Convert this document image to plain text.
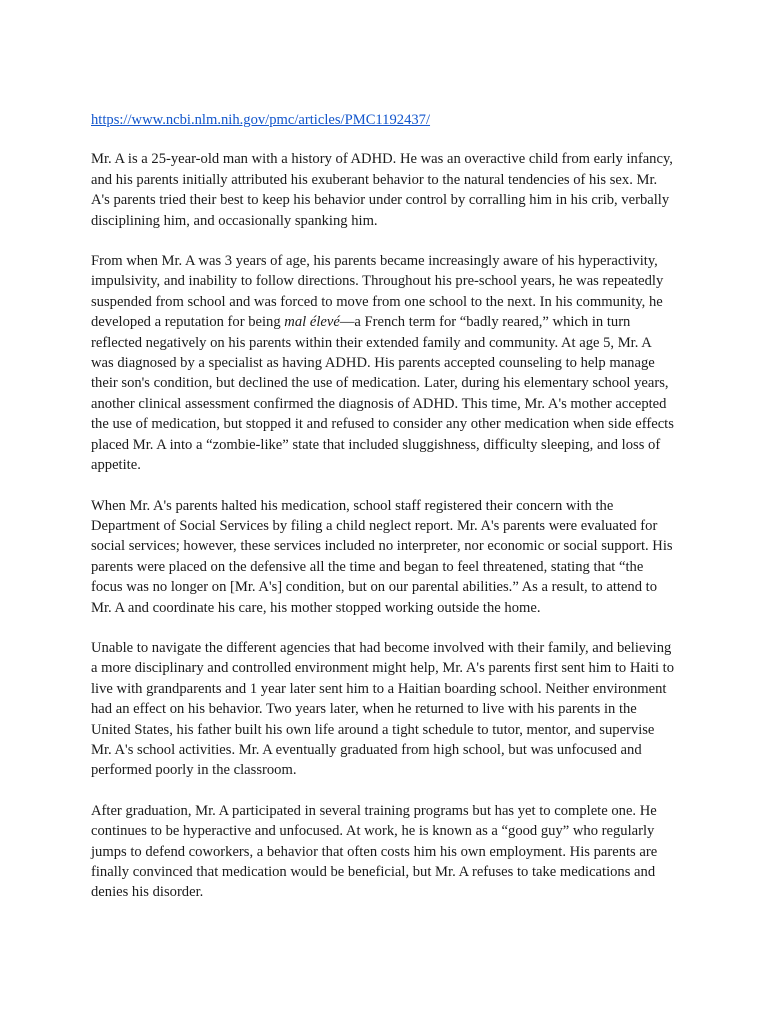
https://www.ncbi.nlm.nih.gov/pmc/articles/PMC1192437/

Mr. A is a 25-year-old man with a history of ADHD. He was an overactive child from early infancy, and his parents initially attributed his exuberant behavior to the natural tendencies of his sex. Mr. A's parents tried their best to keep his behavior under control by corralling him in his crib, verbally disciplining him, and occasionally spanking him.

From when Mr. A was 3 years of age, his parents became increasingly aware of his hyperactivity, impulsivity, and inability to follow directions. Throughout his pre-school years, he was repeatedly suspended from school and was forced to move from one school to the next. In his community, he developed a reputation for being mal élevé—a French term for “badly reared,” which in turn reflected negatively on his parents within their extended family and community. At age 5, Mr. A was diagnosed by a specialist as having ADHD. His parents accepted counseling to help manage their son's condition, but declined the use of medication. Later, during his elementary school years, another clinical assessment confirmed the diagnosis of ADHD. This time, Mr. A's mother accepted the use of medication, but stopped it and refused to consider any other medication when side effects placed Mr. A into a “zombie-like” state that included sluggishness, difficulty sleeping, and loss of appetite.

When Mr. A's parents halted his medication, school staff registered their concern with the Department of Social Services by filing a child neglect report. Mr. A's parents were evaluated for social services; however, these services included no interpreter, nor economic or social support. His parents were placed on the defensive all the time and began to feel threatened, stating that “the focus was no longer on [Mr. A's] condition, but on our parental abilities.” As a result, to attend to Mr. A and coordinate his care, his mother stopped working outside the home.

Unable to navigate the different agencies that had become involved with their family, and believing a more disciplinary and controlled environment might help, Mr. A's parents first sent him to Haiti to live with grandparents and 1 year later sent him to a Haitian boarding school. Neither environment had an effect on his behavior. Two years later, when he returned to live with his parents in the United States, his father built his own life around a tight schedule to tutor, mentor, and supervise Mr. A's school activities. Mr. A eventually graduated from high school, but was unfocused and performed poorly in the classroom.

After graduation, Mr. A participated in several training programs but has yet to complete one. He continues to be hyperactive and unfocused. At work, he is known as a “good guy” who regularly jumps to defend coworkers, a behavior that often costs him his own employment. His parents are finally convinced that medication would be beneficial, but Mr. A refuses to take medications and denies his disorder.
